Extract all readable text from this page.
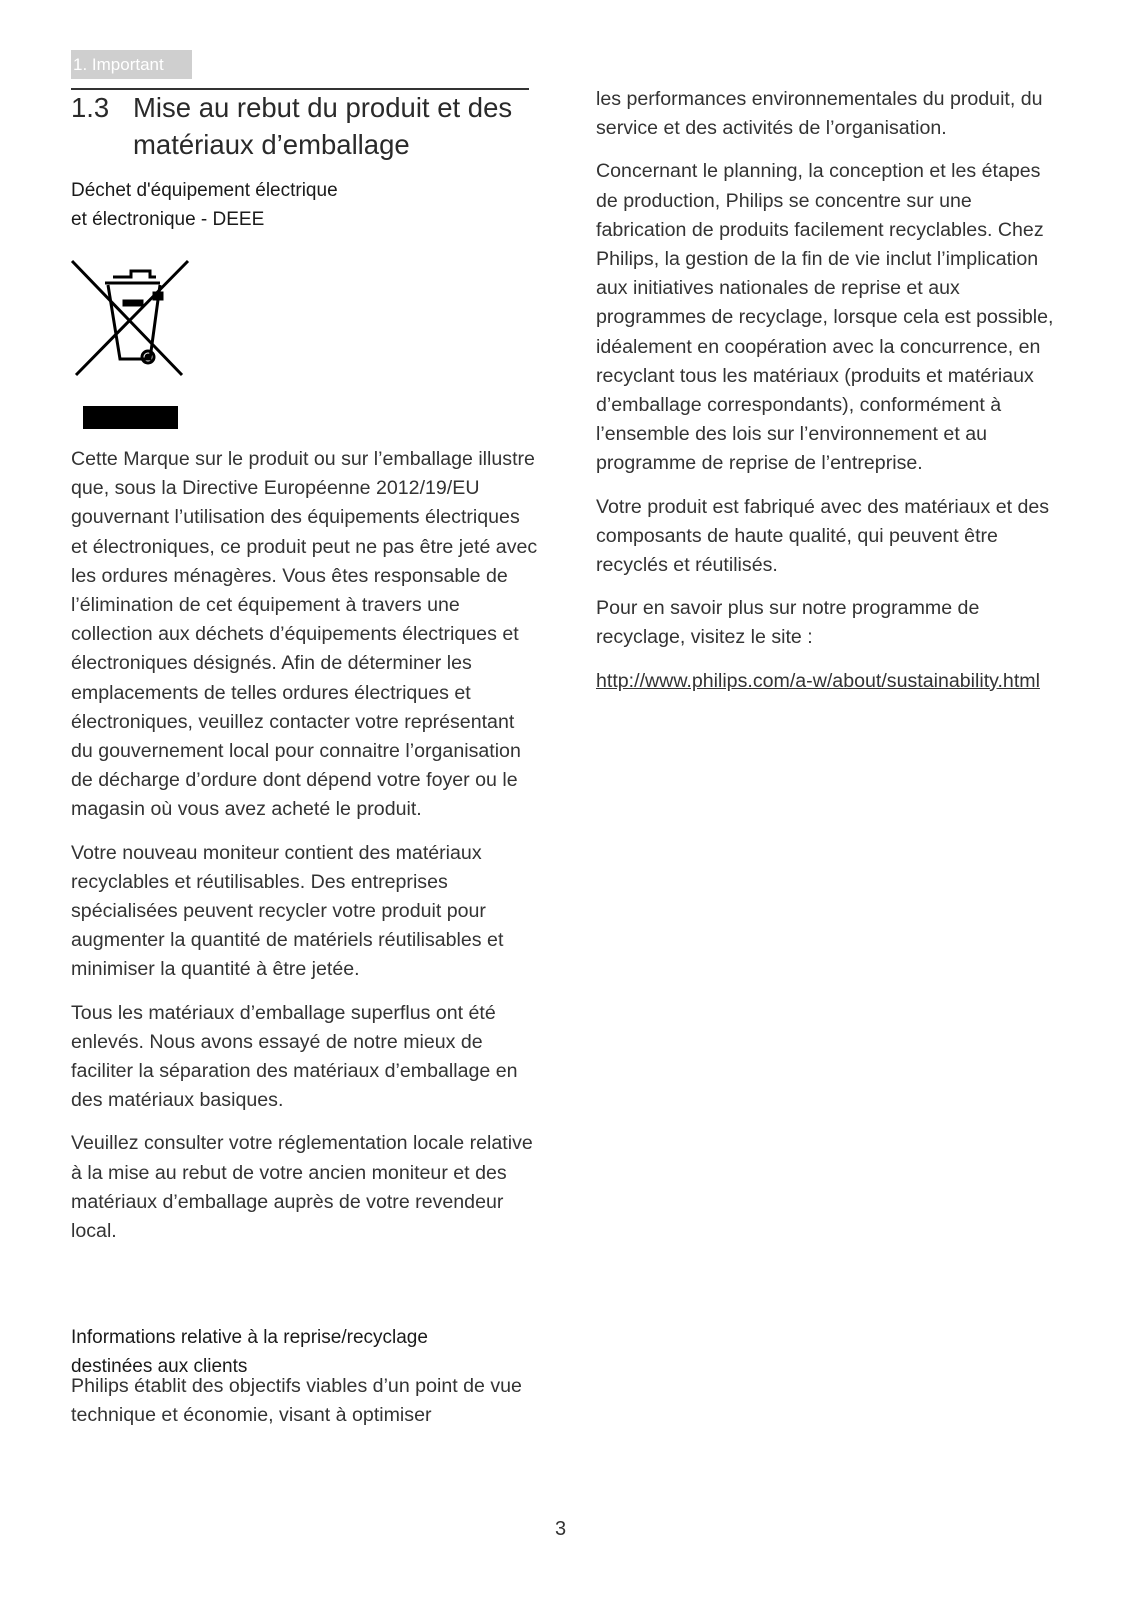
1. Important
1.3 Mise au rebut du produit et des
matériaux d’emballage
Déchet d'équipement électrique
et électronique - DEEE

Cette Marque sur le produit ou sur l’emballage illustre que, sous la Directive Européenne 2012/19/EU gouvernant l’utilisation des équipements électriques et électroniques, ce produit peut ne pas être jeté avec les ordures ménagères. Vous êtes responsable de l’élimination de cet équipement à travers une collection aux déchets d’équipements électriques et électroniques désignés. Afin de déterminer les emplacements de telles ordures électriques et électroniques, veuillez contacter votre représentant du gouvernement local pour connaitre l’organisation de décharge d’ordure dont dépend votre foyer ou le magasin où vous avez acheté le produit.

Votre nouveau moniteur contient des matériaux recyclables et réutilisables. Des entreprises spécialisées peuvent recycler votre produit pour augmenter la quantité de matériels réutilisables et minimiser la quantité à être jetée.

Tous les matériaux d’emballage superflus ont été enlevés. Nous avons essayé de notre mieux de faciliter la séparation des matériaux d’emballage en des matériaux basiques.

Veuillez consulter votre réglementation locale relative à la mise au rebut de votre ancien moniteur et des matériaux d’emballage auprès de votre revendeur local.

Informations relative à la reprise/recyclage
destinées aux clients

Philips établit des objectifs viables d’un point de vue technique et économie, visant à optimiser

les performances environnementales du produit, du service et des activités de l’organisation.

Concernant le planning, la conception et les étapes de production, Philips se concentre sur une fabrication de produits facilement recyclables. Chez Philips, la gestion de la fin de vie inclut l’implication aux initiatives nationales de reprise et aux programmes de recyclage, lorsque cela est possible, idéalement en coopération avec la concurrence, en recyclant tous les matériaux (produits et matériaux d’emballage correspondants), conformément à l’ensemble des lois sur l’environnement et au programme de reprise de l’entreprise.

Votre produit est fabriqué avec des matériaux et des composants de haute qualité, qui peuvent être recyclés et réutilisés.

Pour en savoir plus sur notre programme de recyclage, visitez le site :

http://www.philips.com/a-w/about/sustainability.html

3
